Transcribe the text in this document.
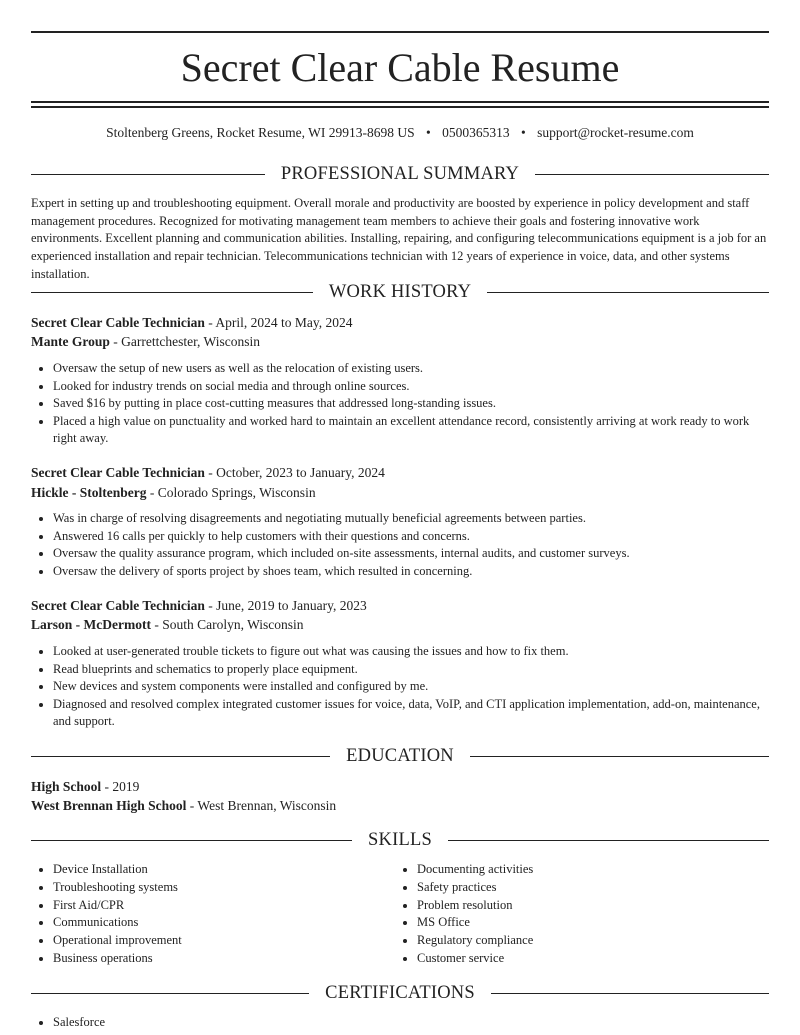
Secret Clear Cable Resume
Stoltenberg Greens, Rocket Resume, WI 29913-8698 US • 0500365313 • support@rocket-resume.com
PROFESSIONAL SUMMARY
Expert in setting up and troubleshooting equipment. Overall morale and productivity are boosted by experience in policy development and staff management procedures. Recognized for motivating management team members to achieve their goals and fostering innovative work environments. Excellent planning and communication abilities. Installing, repairing, and configuring telecommunications equipment is a job for an experienced installation and repair technician. Telecommunications technician with 12 years of experience in voice, data, and other systems installation.
WORK HISTORY
Secret Clear Cable Technician - April, 2024 to May, 2024
Mante Group - Garrettchester, Wisconsin
• Oversaw the setup of new users as well as the relocation of existing users.
• Looked for industry trends on social media and through online sources.
• Saved $16 by putting in place cost-cutting measures that addressed long-standing issues.
• Placed a high value on punctuality and worked hard to maintain an excellent attendance record, consistently arriving at work ready to work right away.
Secret Clear Cable Technician - October, 2023 to January, 2024
Hickle - Stoltenberg - Colorado Springs, Wisconsin
• Was in charge of resolving disagreements and negotiating mutually beneficial agreements between parties.
• Answered 16 calls per quickly to help customers with their questions and concerns.
• Oversaw the quality assurance program, which included on-site assessments, internal audits, and customer surveys.
• Oversaw the delivery of sports project by shoes team, which resulted in concerning.
Secret Clear Cable Technician - June, 2019 to January, 2023
Larson - McDermott - South Carolyn, Wisconsin
• Looked at user-generated trouble tickets to figure out what was causing the issues and how to fix them.
• Read blueprints and schematics to properly place equipment.
• New devices and system components were installed and configured by me.
• Diagnosed and resolved complex integrated customer issues for voice, data, VoIP, and CTI application implementation, add-on, maintenance, and support.
EDUCATION
High School - 2019
West Brennan High School - West Brennan, Wisconsin
SKILLS
• Device Installation
• Troubleshooting systems
• First Aid/CPR
• Communications
• Operational improvement
• Business operations
• Documenting activities
• Safety practices
• Problem resolution
• MS Office
• Regulatory compliance
• Customer service
CERTIFICATIONS
• Salesforce
